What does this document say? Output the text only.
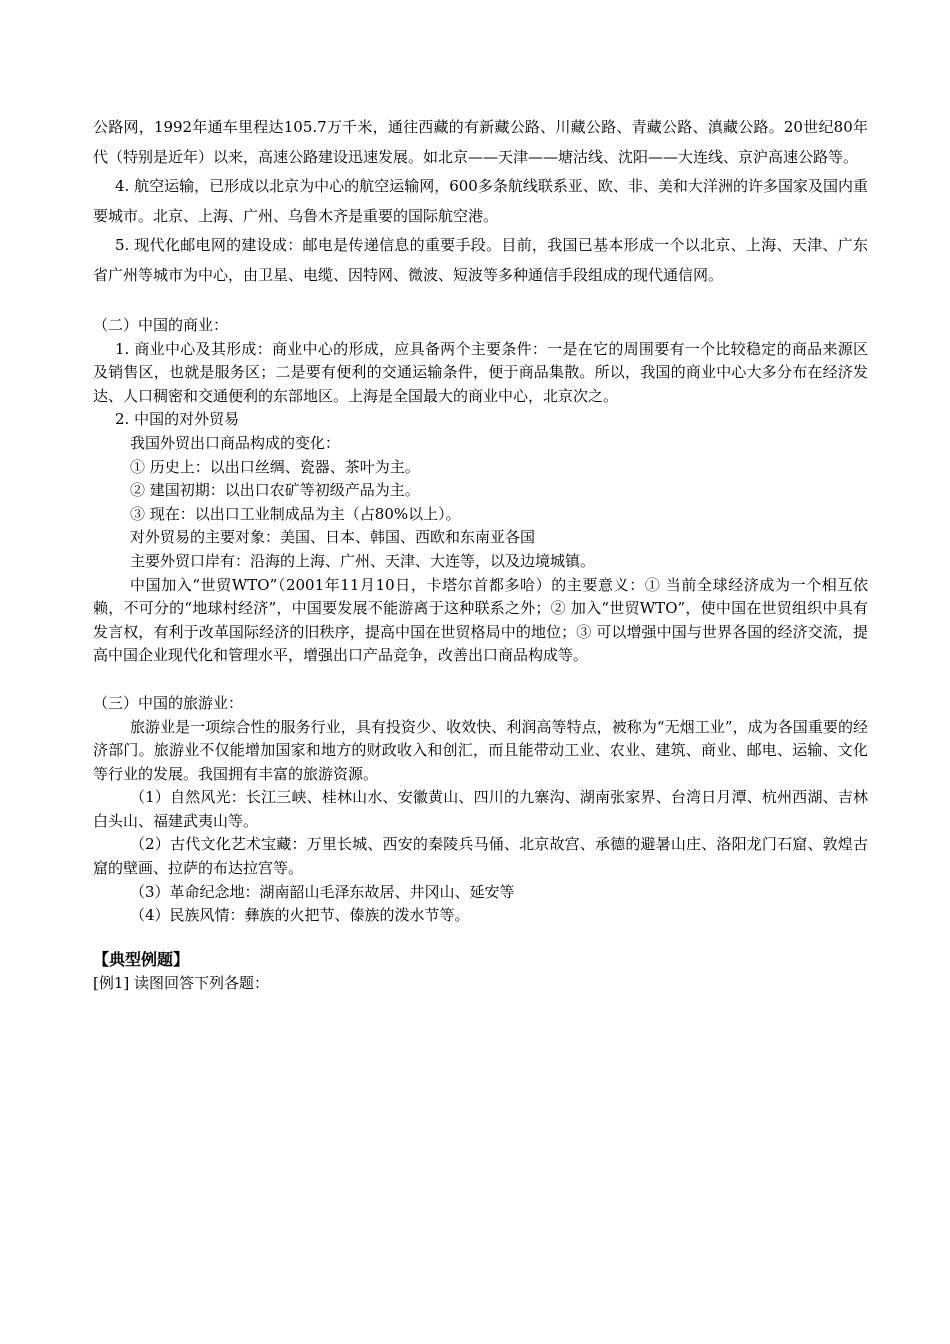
公路网，1992年通车里程达105.7万千米，通往西藏的有新藏公路、川藏公路、青藏公路、滇藏公路。20世纪80年代（特别是近年）以来，高速公路建设迅速发展。如北京——天津——塘沽线、沈阳——大连线、京沪高速公路等。

4. 航空运输，已形成以北京为中心的航空运输网，600多条航线联系亚、欧、非、美和大洋洲的许多国家及国内重要城市。北京、上海、广州、乌鲁木齐是重要的国际航空港。

5. 现代化邮电网的建设成：邮电是传递信息的重要手段。目前，我国已基本形成一个以北京、上海、天津、广东省广州等城市为中心，由卫星、电缆、因特网、微波、短波等多种通信手段组成的现代通信网。

（二）中国的商业：

1. 商业中心及其形成：商业中心的形成，应具备两个主要条件：一是在它的周围要有一个比较稳定的商品来源区及销售区，也就是服务区；二是要有便利的交通运输条件，便于商品集散。所以，我国的商业中心大多分布在经济发达、人口稠密和交通便利的东部地区。上海是全国最大的商业中心，北京次之。

2. 中国的对外贸易

我国外贸出口商品构成的变化：

① 历史上：以出口丝绸、瓷器、茶叶为主。

② 建国初期：以出口农矿等初级产品为主。

③ 现在：以出口工业制成品为主（占80%以上）。

对外贸易的主要对象：美国、日本、韩国、西欧和东南亚各国

主要外贸口岸有：沿海的上海、广州、天津、大连等，以及边境城镇。

中国加入“世贸WTO”（2001年11月10日，卡塔尔首都多哈）的主要意义：① 当前全球经济成为一个相互依赖，不可分的“地球村经济”，中国要发展不能游离于这种联系之外；② 加入“世贸WTO”，使中国在世贸组织中具有发言权，有利于改革国际经济的旧秩序，提高中国在世贸格局中的地位；③ 可以增强中国与世界各国的经济交流，提高中国企业现代化和管理水平，增强出口产品竞争，改善出口商品构成等。

（三）中国的旅游业：

旅游业是一项综合性的服务行业，具有投资少、收效快、利润高等特点，被称为“无烟工业”，成为各国重要的经济部门。旅游业不仅能增加国家和地方的财政收入和创汇，而且能带动工业、农业、建筑、商业、邮电、运输、文化等行业的发展。我国拥有丰富的旅游资源。

（1）自然风光：长江三峡、桂林山水、安徽黄山、四川的九寨沟、湖南张家界、台湾日月潭、杭州西湖、吉林白头山、福建武夷山等。

（2）古代文化艺术宝藏：万里长城、西安的秦陵兵马俑、北京故宫、承德的避暑山庄、洛阳龙门石窟、敦煌古窟的壁画、拉萨的布达拉宫等。

（3）革命纪念地：湖南韶山毛泽东故居、井冈山、延安等

（4）民族风情：彝族的火把节、傣族的泼水节等。

【典型例题】

[例1] 读图回答下列各题：
